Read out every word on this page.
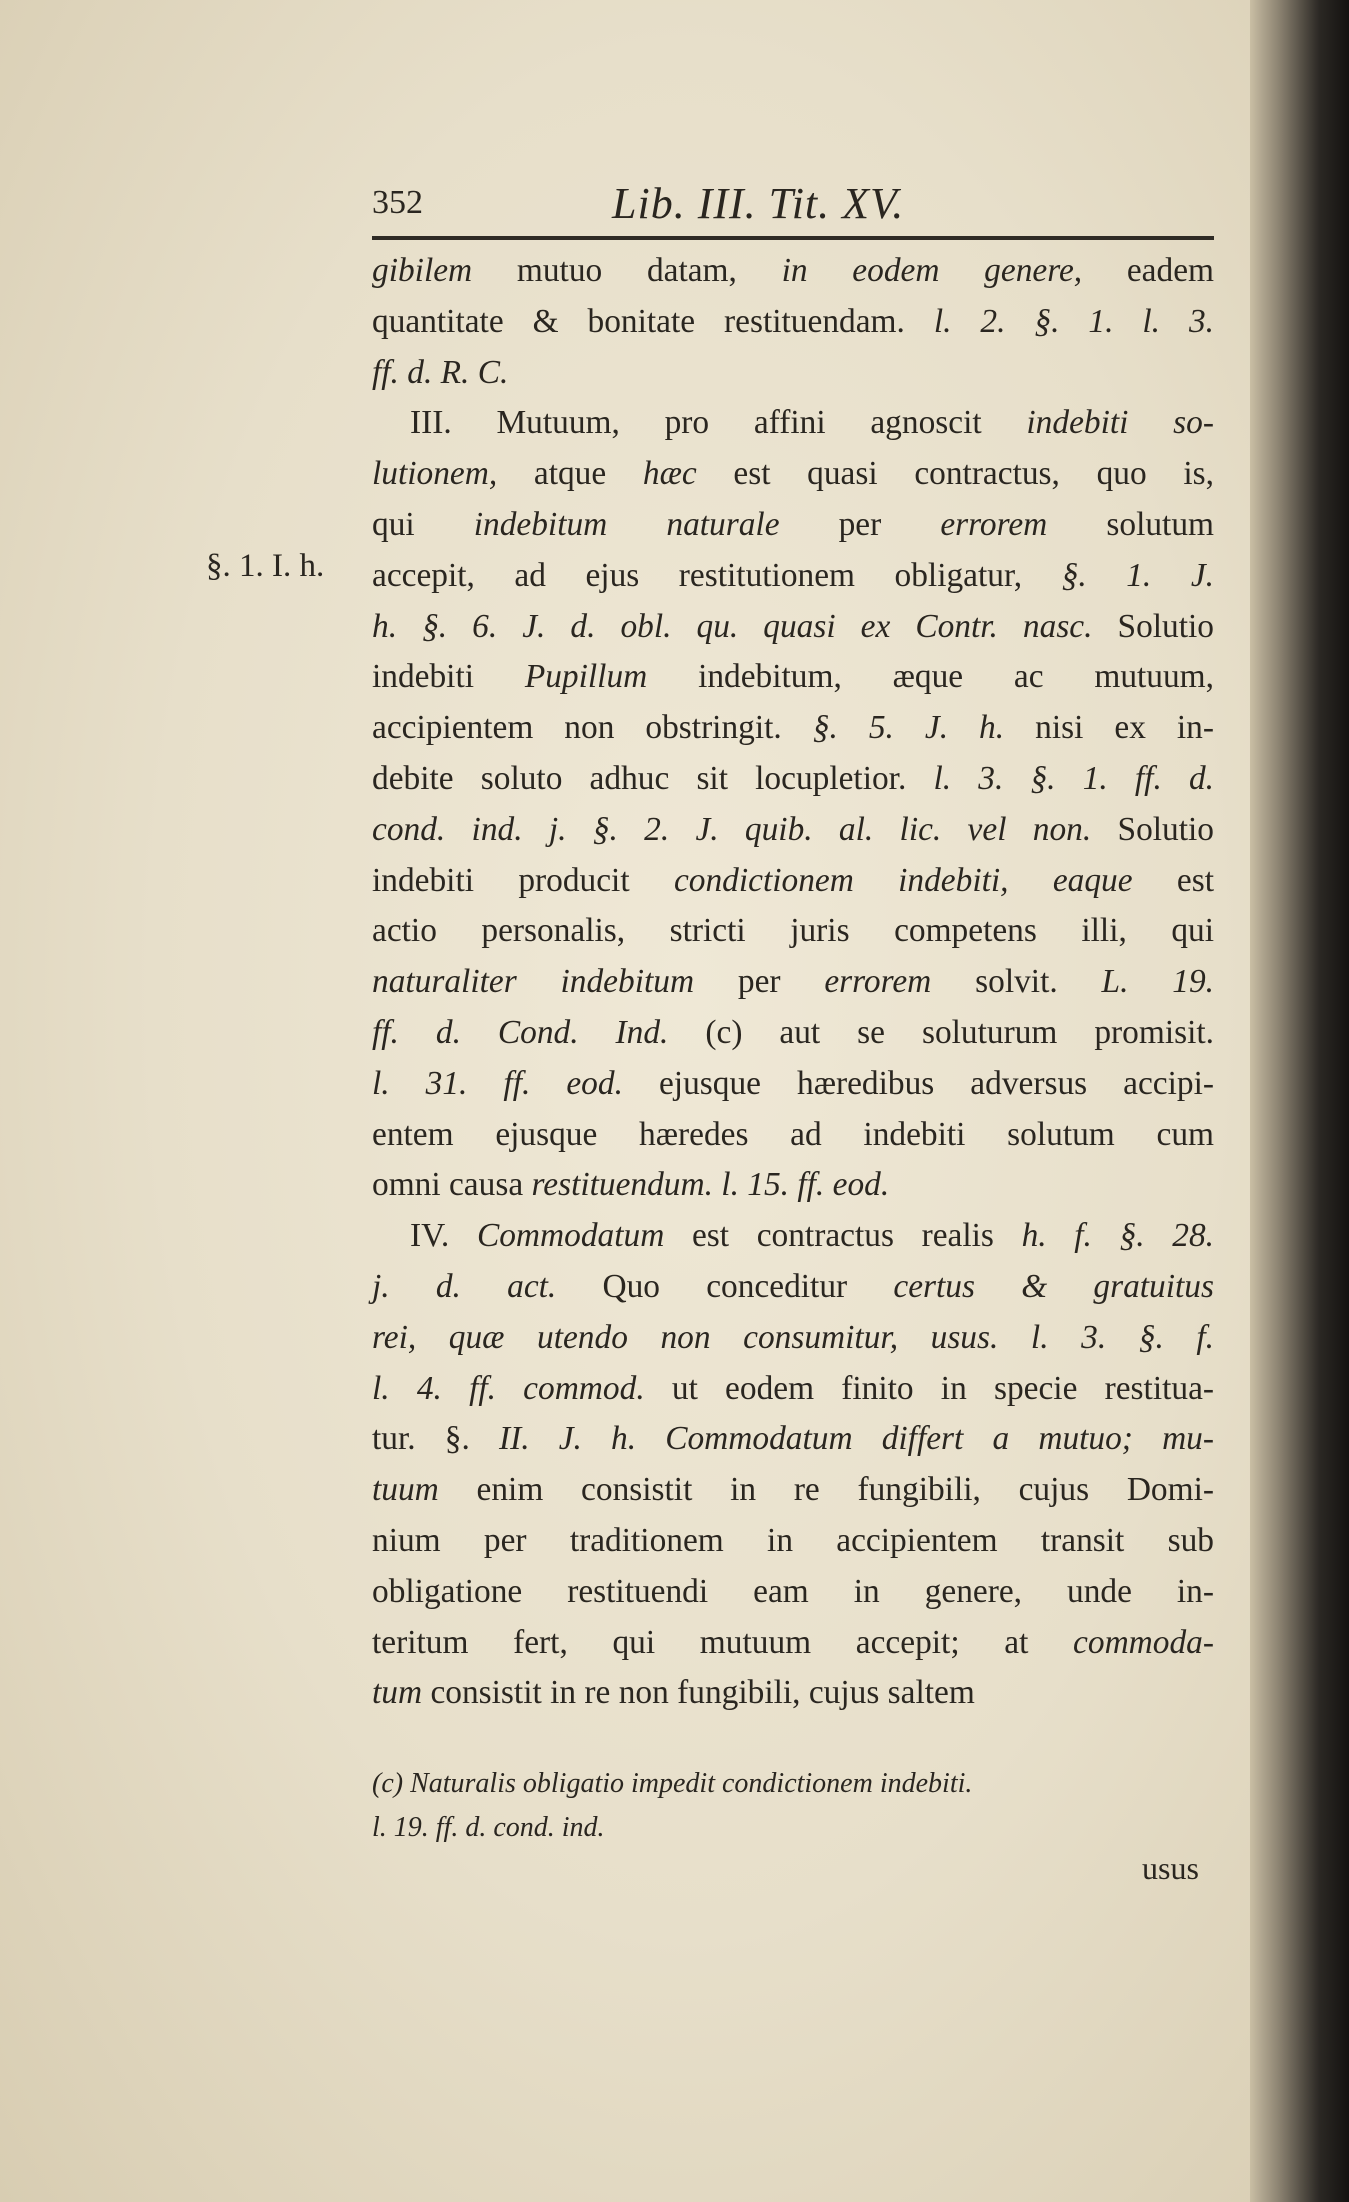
352	Lib. III. Tit. XV.
§. 1. I. h.
gibilem mutuo datam, in eodem genere, eadem
quantitate & bonitate restituendam. l. 2. §. 1. l. 3.
ff. d. R. C.
III. Mutuum, pro affini agnoscit indebiti so-
lutionem, atque hæc est quasi contractus, quo is,
qui indebitum naturale per errorem solutum
accepit, ad ejus restitutionem obligatur, §. 1. J.
h. §. 6. J. d. obl. qu. quasi ex Contr. nasc. Solutio
indebiti Pupillum indebitum, æque ac mutuum,
accipientem non obstringit. §. 5. J. h. nisi ex in-
debite soluto adhuc sit locupletior. l. 3. §. 1. ff. d.
cond. ind. j. §. 2. J. quib. al. lic. vel non. Solutio
indebiti producit condictionem indebiti, eaque est
actio personalis, stricti juris competens illi, qui
naturaliter indebitum per errorem solvit. L. 19.
ff. d. Cond. Ind. (c) aut se soluturum promisit.
l. 31. ff. eod. ejusque hæredibus adversus accipi-
entem ejusque hæredes ad indebiti solutum cum
omni causa restituendum. l. 15. ff. eod.
IV. Commodatum est contractus realis h. f. §. 28.
j. d. act. Quo conceditur certus & gratuitus
rei, quæ utendo non consumitur, usus. l. 3. §. f.
l. 4. ff. commod. ut eodem finito in specie restitua-
tur. §. II. J. h. Commodatum differt a mutuo; mu-
tuum enim consistit in re fungibili, cujus Domi-
nium per traditionem in accipientem transit sub
obligatione restituendi eam in genere, unde in-
teritum fert, qui mutuum accepit; at commoda-
tum consistit in re non fungibili, cujus saltem
(c) Naturalis obligatio impedit condictionem indebiti.
l. 19. ff. d. cond. ind.
usus
